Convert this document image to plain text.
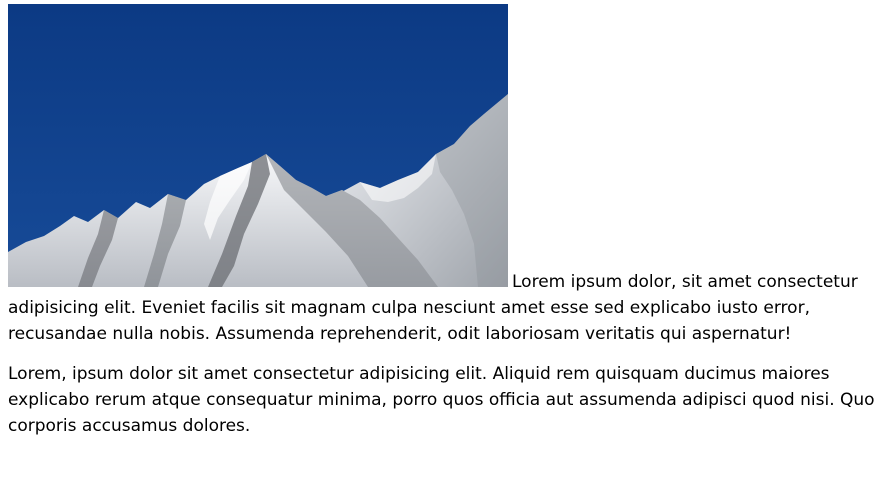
Lorem ipsum dolor, sit amet consectetur adipisicing elit. Eveniet facilis sit magnam culpa nesciunt amet esse sed explicabo iusto error, recusandae nulla nobis. Assumenda reprehenderit, odit laboriosam veritatis qui aspernatur!

Lorem, ipsum dolor sit amet consectetur adipisicing elit. Aliquid rem quisquam ducimus maiores explicabo rerum atque consequatur minima, porro quos officia aut assumenda adipisci quod nisi. Quo corporis accusamus dolores.
